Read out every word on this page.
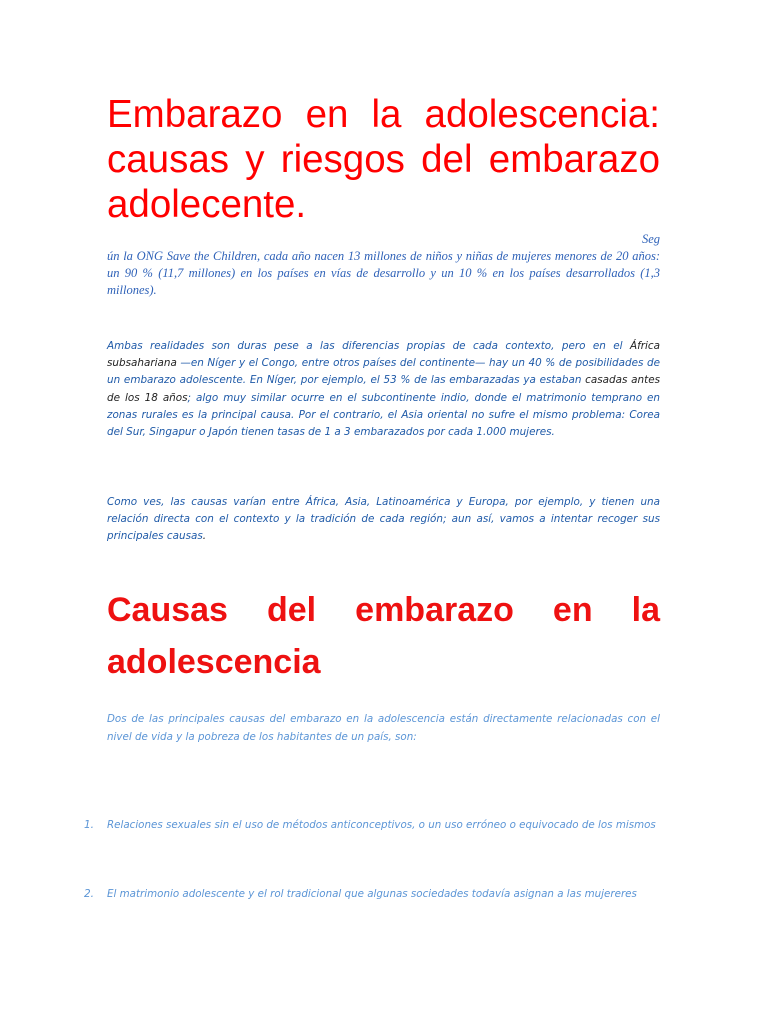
Embarazo en la adolescencia: causas y riesgos del embarazo adolecente.

Seg

ún la ONG Save the Children, cada año nacen 13 millones de niños y niñas de mujeres menores de 20 años: un 90 % (11,7 millones) en los países en vías de desarrollo y un 10 % en los países desarrollados (1,3 millones).

Ambas realidades son duras pese a las diferencias propias de cada contexto, pero en el África subsahariana —en Níger y el Congo, entre otros países del continente— hay un 40 % de posibilidades de un embarazo adolescente. En Níger, por ejemplo, el 53 % de las embarazadas ya estaban casadas antes de los 18 años; algo muy similar ocurre en el subcontinente indio, donde el matrimonio temprano en zonas rurales es la principal causa. Por el contrario, el Asia oriental no sufre el mismo problema: Corea del Sur, Singapur o Japón tienen tasas de 1 a 3 embarazados por cada 1.000 mujeres.

Como ves, las causas varían entre África, Asia, Latinoamérica y Europa, por ejemplo, y tienen una relación directa con el contexto y la tradición de cada región; aun así, vamos a intentar recoger sus principales causas.

Causas del embarazo en la adolescencia

Dos de las principales causas del embarazo en la adolescencia están directamente relacionadas con el nivel de vida y la pobreza de los habitantes de un país, son:

1. Relaciones sexuales sin el uso de métodos anticonceptivos, o un uso erróneo o equivocado de los mismos
2. El matrimonio adolescente y el rol tradicional que algunas sociedades todavía asignan a las mujereres
